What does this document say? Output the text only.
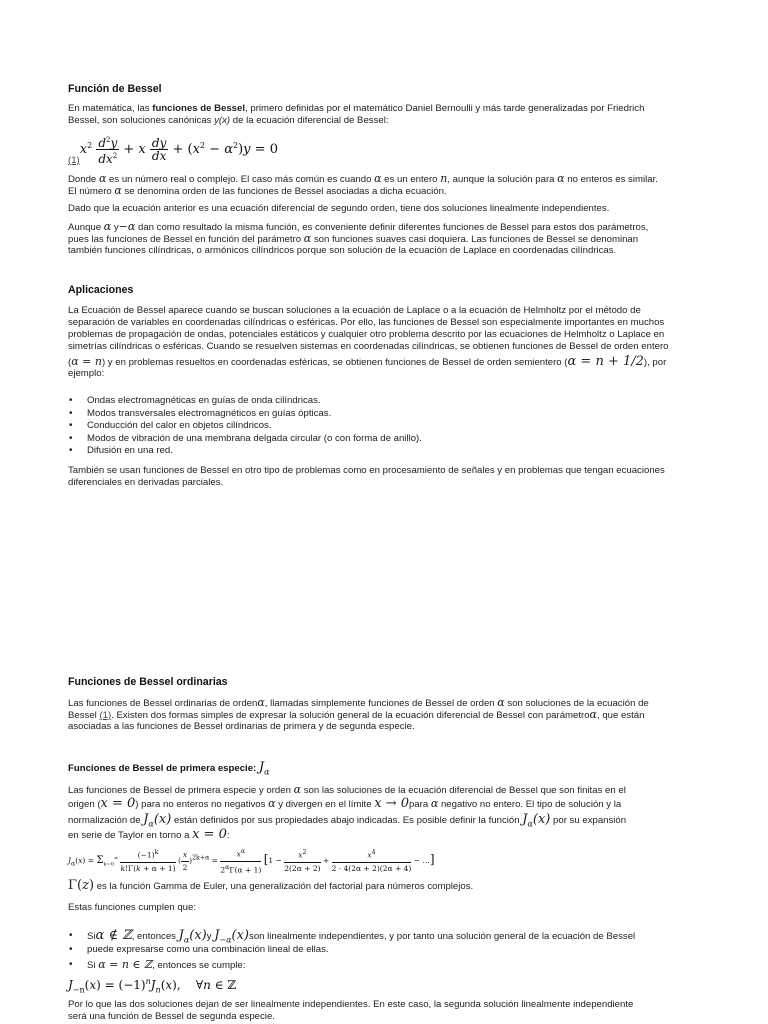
Función de Bessel
En matemática, las funciones de Bessel, primero definidas por el matemático Daniel Bernoulli y más tarde generalizadas por Friedrich
Bessel, son soluciones canónicas y(x) de la ecuación diferencial de Bessel:
$_{(1)}x^2 \frac{d^2y}{dx^2} + x \frac{dy}{dx} + (x^2 - \alpha^2)y = 0$
Donde α es un número real o complejo. El caso más común es cuando α es un entero n, aunque la solución para α no enteros es similar.
El número α se denomina orden de las funciones de Bessel asociadas a dicha ecuación.
Dado que la ecuación anterior es una ecuación diferencial de segundo orden, tiene dos soluciones linealmente independientes.
Aunque α y−α dan como resultado la misma función, es conveniente definir diferentes funciones de Bessel para estos dos parámetros,
pues las funciones de Bessel en función del parámetro α son funciones suaves casi doquiera. Las funciones de Bessel se denominan
también funciones cilíndricas, o armónicos cilíndricos porque son solución de la ecuación de Laplace en coordenadas cilíndricas.
Aplicaciones
La Ecuación de Bessel aparece cuando se buscan soluciones a la ecuación de Laplace o a la ecuación de Helmholtz por el método de
separación de variables en coordenadas cilíndricas o esféricas. Por ello, las funciones de Bessel son especialmente importantes en muchos
problemas de propagación de ondas, potenciales estáticos y cualquier otro problema descrito por las ecuaciones de Helmholtz o Laplace en
simetrías cilíndricas o esféricas. Cuando se resuelven sistemas en coordenadas cilíndricas, se obtienen funciones de Bessel de orden entero
(α = n) y en problemas resueltos en coordenadas esféricas, se obtienen funciones de Bessel de orden semientero (α = n + 1/2), por
ejemplo:
• Ondas electromagnéticas en guías de onda cilíndricas.
• Modos transversales electromagnéticos en guías ópticas.
• Conducción del calor en objetos cilíndricos.
• Modos de vibración de una membrana delgada circular (o con forma de anillo).
• Difusión en una red.
También se usan funciones de Bessel en otro tipo de problemas como en procesamiento de señales y en problemas que tengan ecuaciones
diferenciales en derivadas parciales.
Funciones de Bessel ordinarias
Las funciones de Bessel ordinarias de ordenα, llamadas simplemente funciones de Bessel de orden α son soluciones de la ecuación de
Bessel (1). Existen dos formas simples de expresar la solución general de la ecuación diferencial de Bessel con parámetroα, que están
asociadas a las funciones de Bessel ordinarias de primera y de segunda especie.
Funciones de Bessel de primera especie: $J_\alpha$
Las funciones de Bessel de primera especie y orden α son las soluciones de la ecuación diferencial de Bessel que son finitas en el
origen (x = 0) para no enteros no negativos α y divergen en el límite x → 0para α negativo no entero. El tipo de solución y la
normalización de $J_\alpha(x)$ están definidos por sus propiedades abajo indicadas. Es posible definir la función $J_\alpha(x)$ por su expansión
en serie de Taylor en torno a x = 0:
$J_\alpha(x) = \Sigma_{k=0}^\infty \frac{(-1)^k}{k!\Gamma(k + \alpha + 1)}$ ( $\frac{x}{2} )^{2k+\alpha} = \frac{x^\alpha}{2^\alpha\Gamma(\alpha + 1)} [1 - \frac{x^2}{2(2\alpha + 2)} + \frac{x^4}{2 \cdot 4(2\alpha + 2)(2\alpha + 4)}$ − …]
Γ(z) es la función Gamma de Euler, una generalización del factorial para números complejos.
Estas funciones cumplen que:
• Siα ∉ ℤ, entonces $J_\alpha(x)y$ $J_{-\alpha}(x)son$ linealmente independientes, y por tanto una solución general de la ecuación de Bessel
• puede expresarse como una combinación lineal de ellas.
• Si α = n ∈ ℤ, entonces se cumple:
$J_{-n}(x) = (-1)^nJ_n(x)$,    ∀n ∈ ℤ
Por lo que las dos soluciones dejan de ser linealmente independientes. En este caso, la segunda solución linealmente independiente
será una función de Bessel de segunda especie.
